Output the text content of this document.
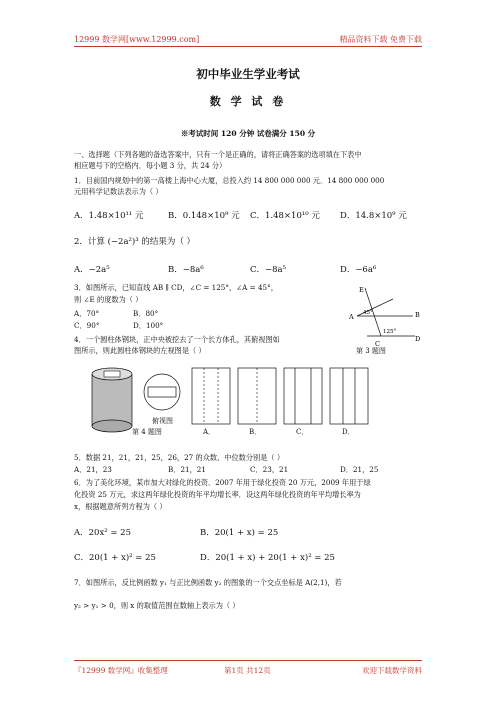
12999 数学网[www.12999.com]	精品资料下载 免费下载
初中毕业生学业考试
数 学 试 卷
※考试时间 120 分钟 试卷满分 150 分
一、选择题（下列各题的备选答案中，只有一个是正确的，请将正确答案的选项填在下表中
相应题号下的空格内．每小题 3 分，共 24 分）
1．目前国内规划中的第一高楼上海中心大厦，总投入约 14 800 000 000 元．14 800 000 000
元用科学记数法表示为（ ）
A．1.48×10¹¹ 元	B．0.148×10⁹ 元 C．1.48×10¹⁰ 元 D．14.8×10⁹ 元
2．计算 (−2a²)³ 的结果为（ ）
A．−2a⁵	B．−8a⁶	C．−8a⁵	D．−6a⁶
3．如图所示，已知直线 AB ∥ CD，∠C = 125°，∠A = 45°，
则 ∠E 的度数为（ ）
A．70°	B．80°
C．90°	D．100°
E
A	B
C
D
45°
125°
第 3 题图
4．一个圆柱体钢块，正中央被挖去了一个长方体孔，其俯视图如
图所示，则此圆柱体钢块的左视图是（ ）
俯视图
第 4 题图	A．	B．	C．	D．
5．数据 21，21，21，25，26，27 的众数、中位数分别是（ ）
A．21，23	B．21，21	C．23，21	D．21，25
6．为了美化环境，某市加大对绿化的投资．2007 年用于绿化投资 20 万元，2009 年用于绿
化投资 25 万元，求这两年绿化投资的年平均增长率．设这两年绿化投资的年平均增长率为
x，根据题意所列方程为（ ）
A．20x² = 25	B．20(1 + x) = 25
C．20(1 + x)² = 25	D．20(1 + x) + 20(1 + x)² = 25
7．如图所示，反比例函数 y₁ 与正比例函数 y₂ 的图象的一个交点坐标是 A(2,1)，若
y₂ > y₁ > 0，则 x 的取值范围在数轴上表示为（ ）
『12999 数学网』收集整理	第1页 共12页	欢迎下载数学资料
